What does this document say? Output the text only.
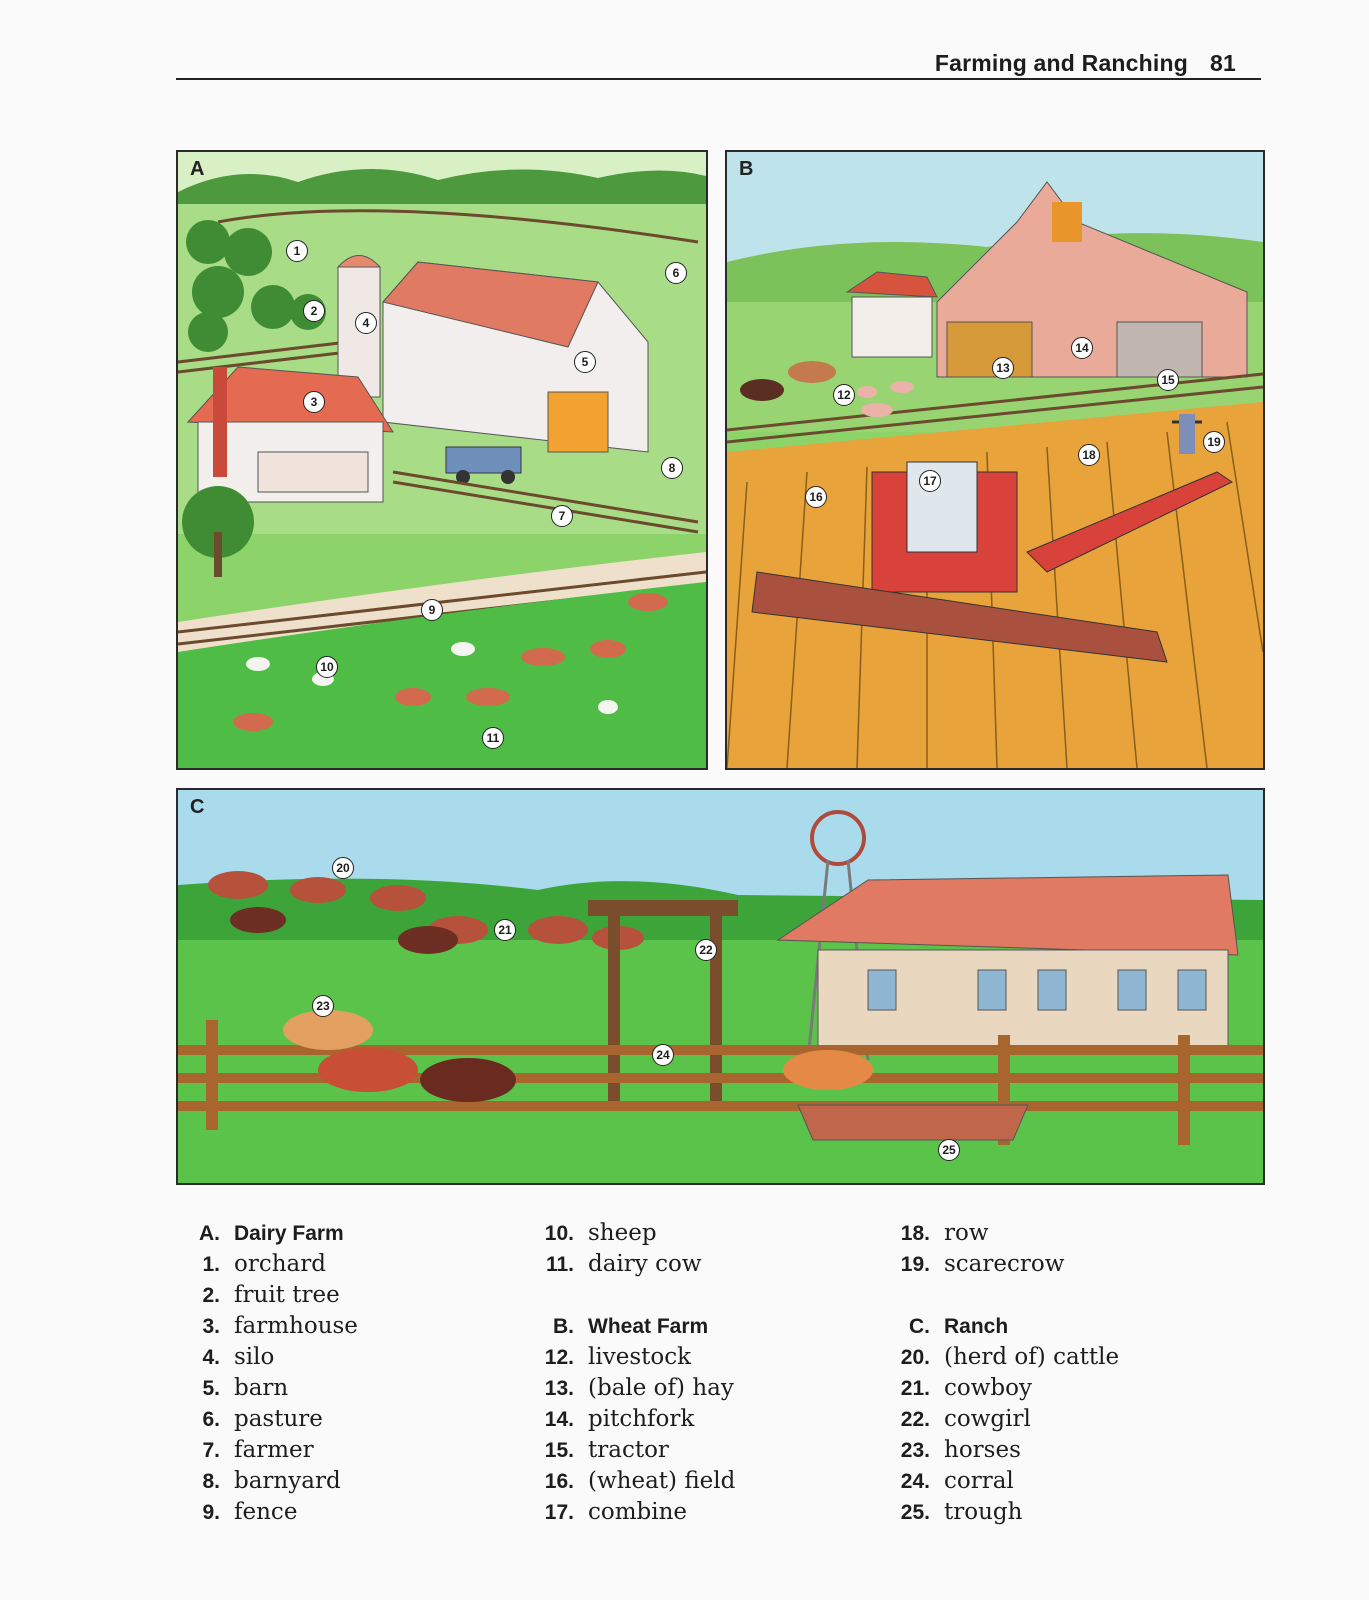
Farming and Ranching 81
A
1
2
3
4
5
6
7
8
9
10
11
B
12
13
14
15
16
17
18
19
C
20
21
22
23
24
25
A. Dairy Farm
1. orchard
2. fruit tree
3. farmhouse
4. silo
5. barn
6. pasture
7. farmer
8. barnyard
9. fence
10. sheep
11. dairy cow
B. Wheat Farm
12. livestock
13. (bale of) hay
14. pitchfork
15. tractor
16. (wheat) field
17. combine
18. row
19. scarecrow
C. Ranch
20. (herd of) cattle
21. cowboy
22. cowgirl
23. horses
24. corral
25. trough
